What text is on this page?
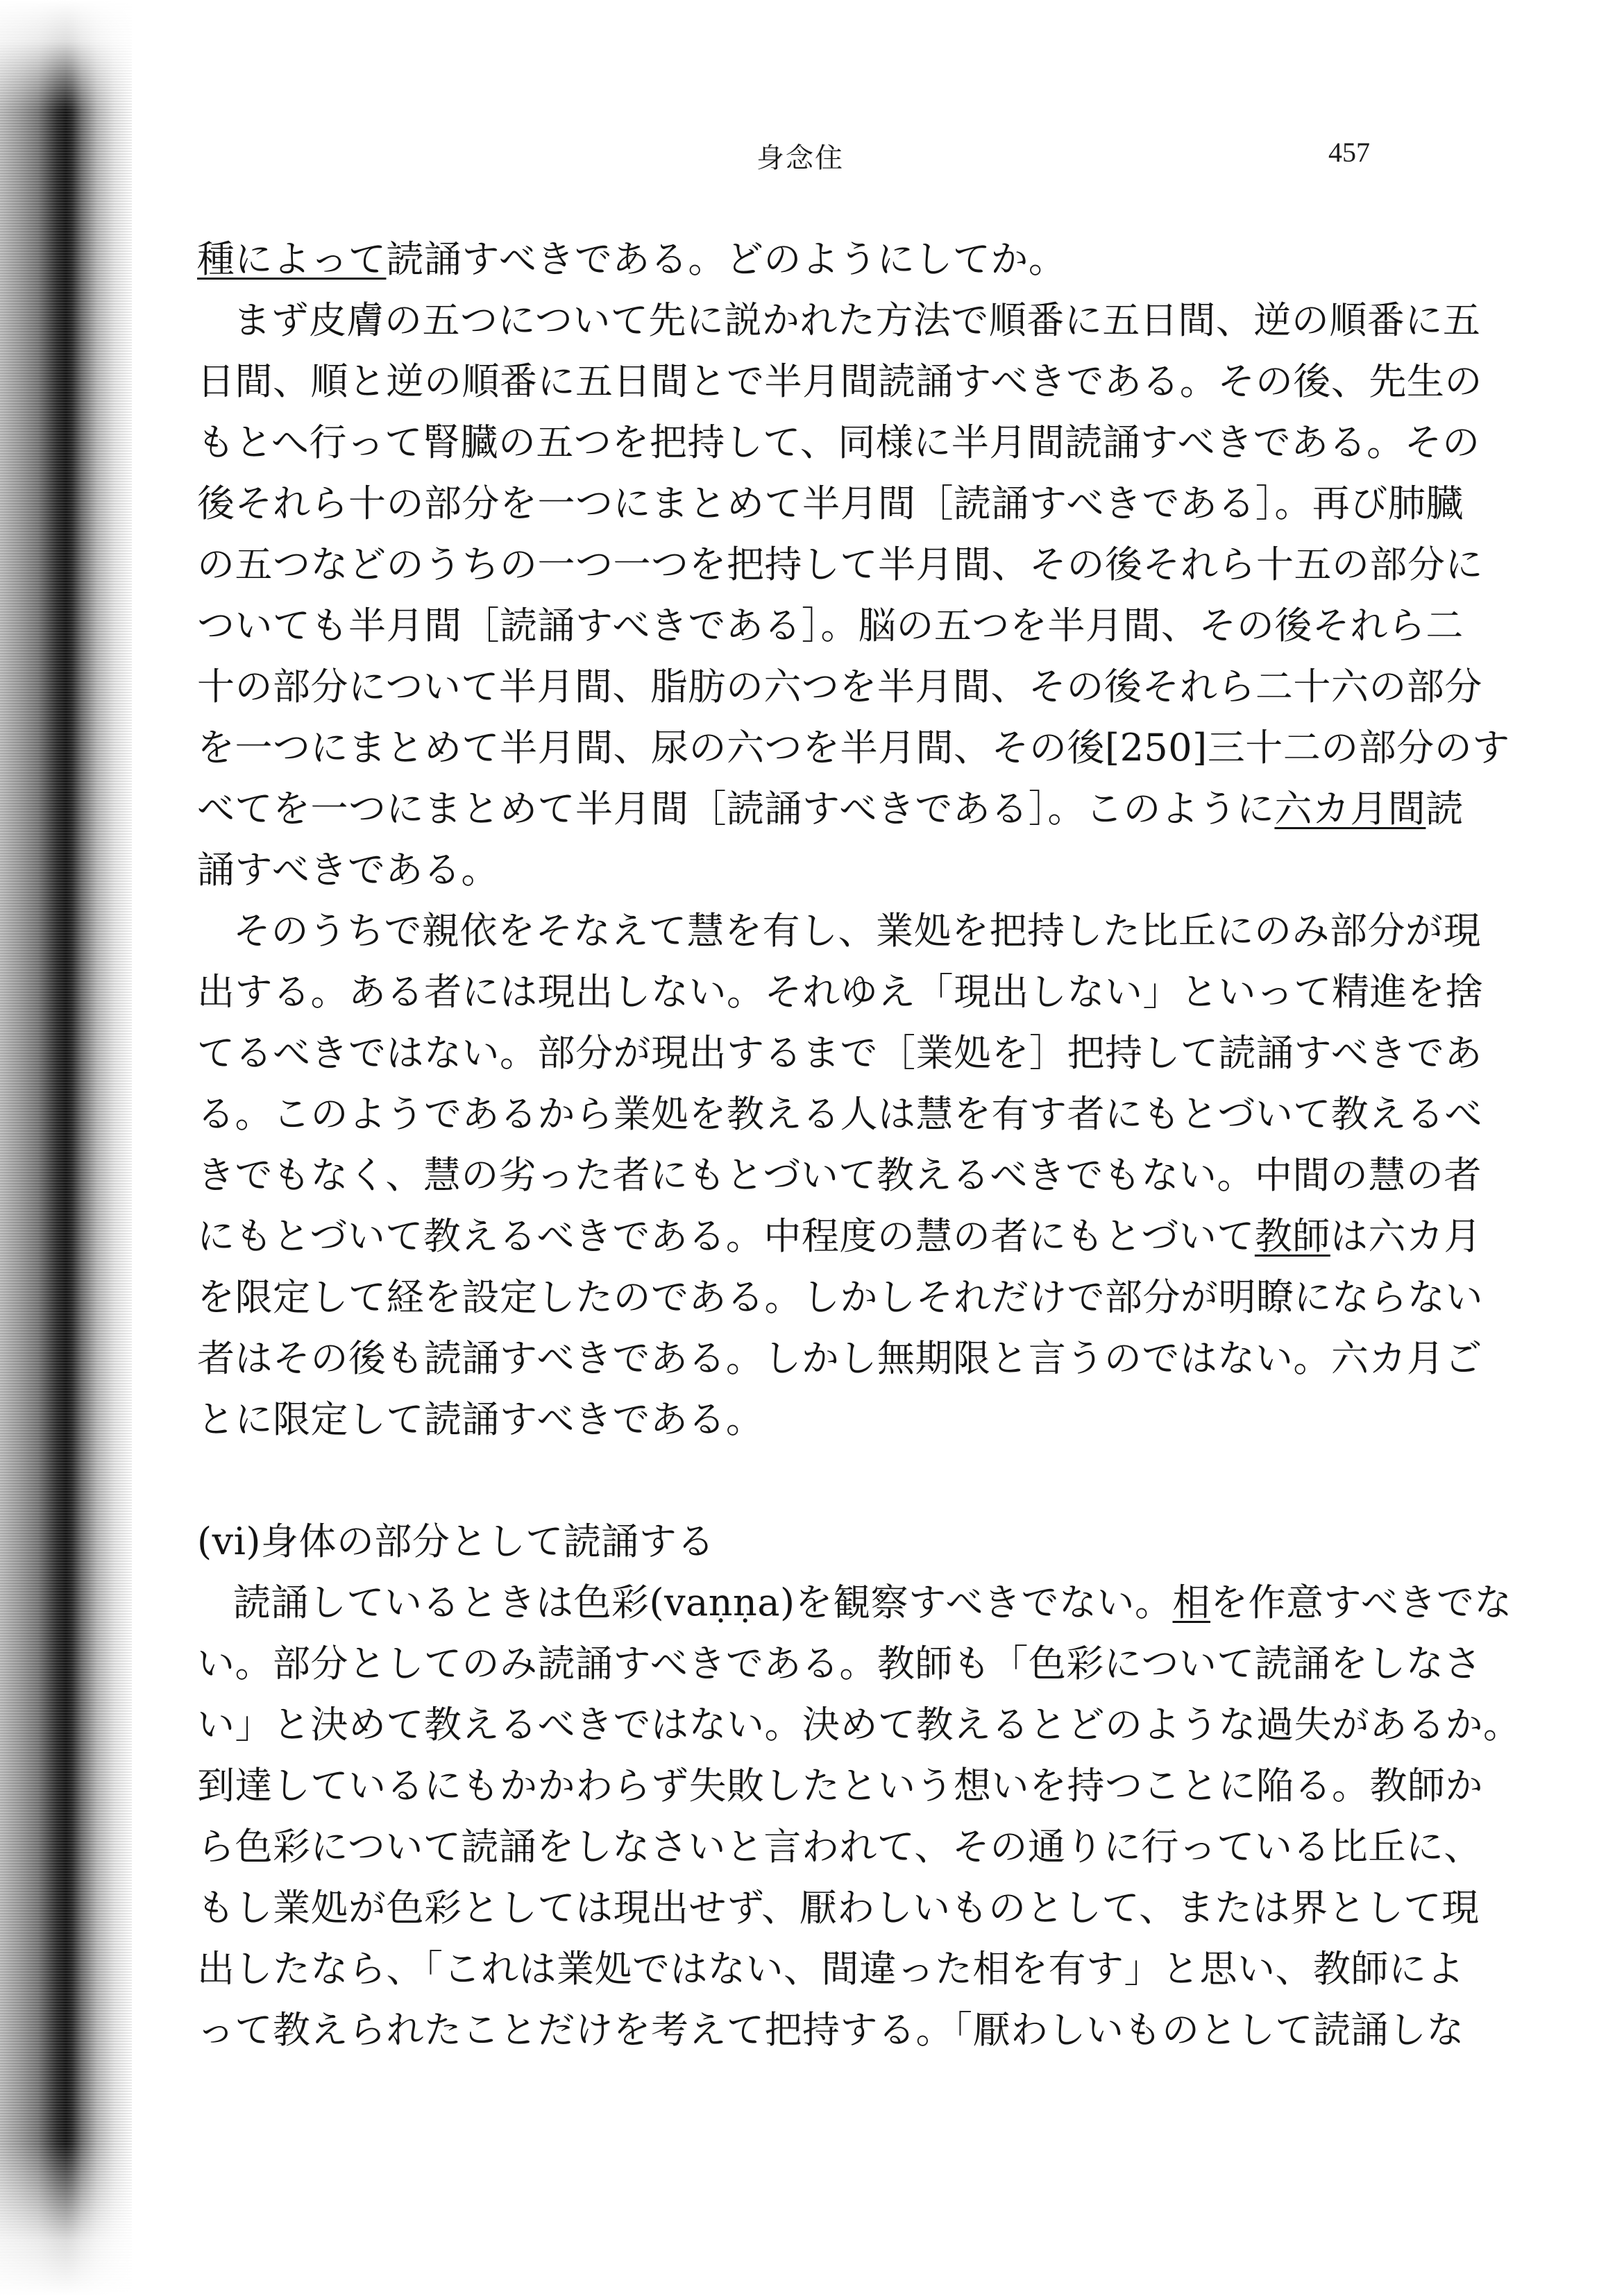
身念住	457
種によって読誦すべきである。どのようにしてか。
まず皮膚の五つについて先に説かれた方法で順番に五日間、逆の順番に五
日間、順と逆の順番に五日間とで半月間読誦すべきである。その後、先生の
もとへ行って腎臓の五つを把持して、同様に半月間読誦すべきである。その
後それら十の部分を一つにまとめて半月間［読誦すべきである］。再び肺臓
の五つなどのうちの一つ一つを把持して半月間、その後それら十五の部分に
ついても半月間［読誦すべきである］。脳の五つを半月間、その後それら二
十の部分について半月間、脂肪の六つを半月間、その後それら二十六の部分
を一つにまとめて半月間、尿の六つを半月間、その後[250]三十二の部分のす
べてを一つにまとめて半月間［読誦すべきである］。このように六カ月間読
誦すべきである。
そのうちで親依をそなえて慧を有し、業処を把持した比丘にのみ部分が現
出する。ある者には現出しない。それゆえ「現出しない」といって精進を捨
てるべきではない。部分が現出するまで［業処を］把持して読誦すべきであ
る。このようであるから業処を教える人は慧を有す者にもとづいて教えるべ
きでもなく、慧の劣った者にもとづいて教えるべきでもない。中間の慧の者
にもとづいて教えるべきである。中程度の慧の者にもとづいて教師は六カ月
を限定して経を設定したのである。しかしそれだけで部分が明瞭にならない
者はその後も読誦すべきである。しかし無期限と言うのではない。六カ月ご
とに限定して読誦すべきである。
(vi)身体の部分として読誦する
読誦しているときは色彩(vaṇṇa)を観察すべきでない。相を作意すべきでな
い。部分としてのみ読誦すべきである。教師も「色彩について読誦をしなさ
い」と決めて教えるべきではない。決めて教えるとどのような過失があるか。
到達しているにもかかわらず失敗したという想いを持つことに陥る。教師か
ら色彩について読誦をしなさいと言われて、その通りに行っている比丘に、
もし業処が色彩としては現出せず、厭わしいものとして、または界として現
出したなら、「これは業処ではない、間違った相を有す」と思い、教師によ
って教えられたことだけを考えて把持する。「厭わしいものとして読誦しな
